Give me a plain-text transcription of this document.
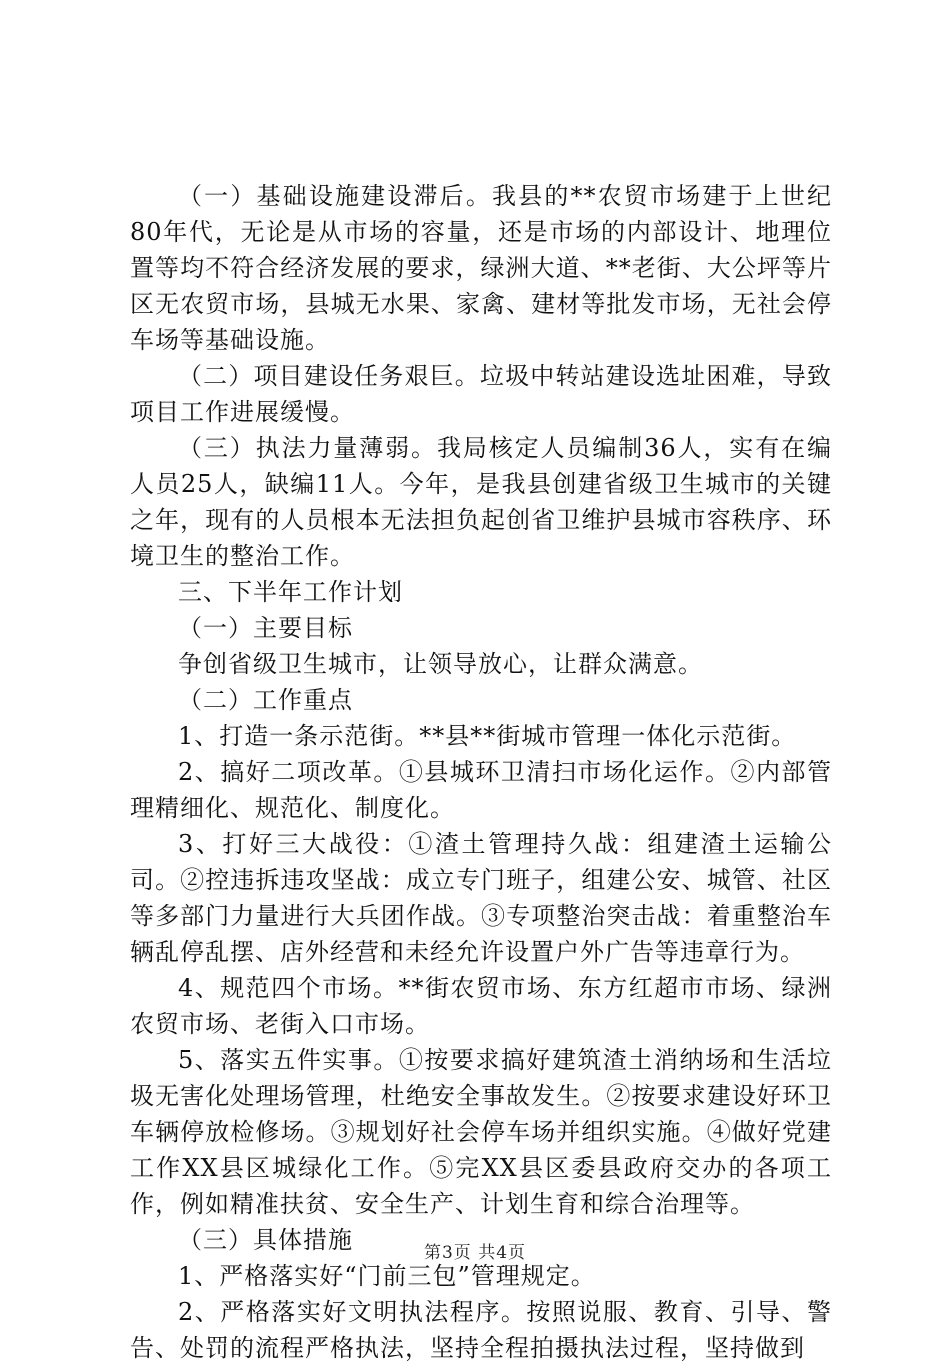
（一）基础设施建设滞后。我县的**农贸市场建于上世纪80年代，无论是从市场的容量，还是市场的内部设计、地理位置等均不符合经济发展的要求，绿洲大道、**老街、大公坪等片区无农贸市场，县城无水果、家禽、建材等批发市场，无社会停车场等基础设施。

（二）项目建设任务艰巨。垃圾中转站建设选址困难，导致项目工作进展缓慢。

（三）执法力量薄弱。我局核定人员编制36人，实有在编人员25人，缺编11人。今年，是我县创建省级卫生城市的关键之年，现有的人员根本无法担负起创省卫维护县城市容秩序、环境卫生的整治工作。

三、下半年工作计划

（一）主要目标

争创省级卫生城市，让领导放心，让群众满意。

（二）工作重点

1、打造一条示范街。**县**街城市管理一体化示范街。

2、搞好二项改革。①县城环卫清扫市场化运作。②内部管理精细化、规范化、制度化。

3、打好三大战役：①渣土管理持久战：组建渣土运输公司。②控违拆违攻坚战：成立专门班子，组建公安、城管、社区等多部门力量进行大兵团作战。③专项整治突击战：着重整治车辆乱停乱摆、店外经营和未经允许设置户外广告等违章行为。

4、规范四个市场。**街农贸市场、东方红超市市场、绿洲农贸市场、老街入口市场。

5、落实五件实事。①按要求搞好建筑渣土消纳场和生活垃圾无害化处理场管理，杜绝安全事故发生。②按要求建设好环卫车辆停放检修场。③规划好社会停车场并组织实施。④做好党建工作XX县区城绿化工作。⑤完XX县区委县政府交办的各项工作，例如精准扶贫、安全生产、计划生育和综合治理等。

（三）具体措施

1、严格落实好“门前三包”管理规定。

2、严格落实好文明执法程序。按照说服、教育、引导、警告、处罚的流程严格执法，坚持全程拍摄执法过程，坚持做到

第3页 共4页
